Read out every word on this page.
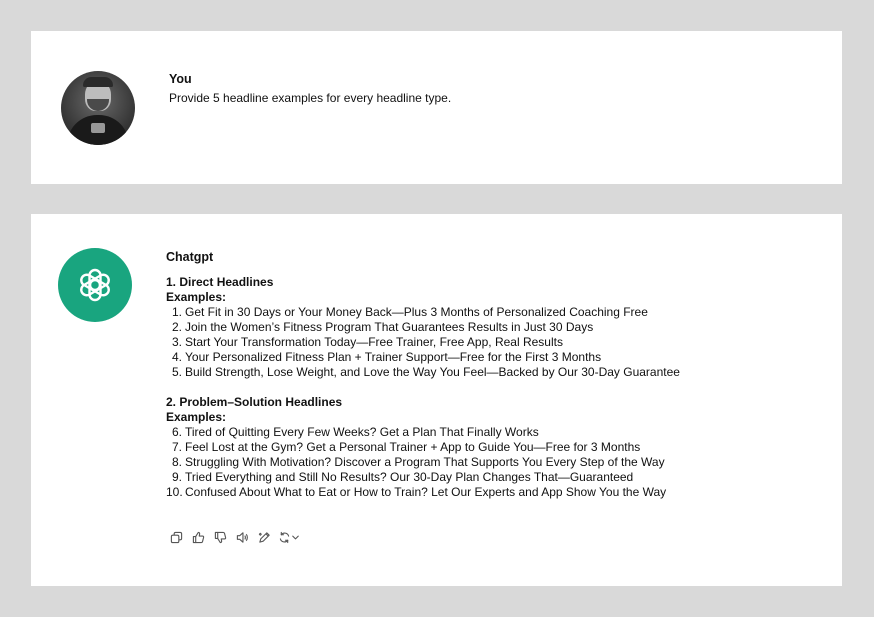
You
Provide 5 headline examples for every headline type.
Chatgpt
1. Direct Headlines
Examples:
1. Get Fit in 30 Days or Your Money Back—Plus 3 Months of Personalized Coaching Free
2. Join the Women’s Fitness Program That Guarantees Results in Just 30 Days
3. Start Your Transformation Today—Free Trainer, Free App, Real Results
4. Your Personalized Fitness Plan + Trainer Support—Free for the First 3 Months
5. Build Strength, Lose Weight, and Love the Way You Feel—Backed by Our 30-Day Guarantee
2. Problem–Solution Headlines
Examples:
6. Tired of Quitting Every Few Weeks? Get a Plan That Finally Works
7. Feel Lost at the Gym? Get a Personal Trainer + App to Guide You—Free for 3 Months
8. Struggling With Motivation? Discover a Program That Supports You Every Step of the Way
9. Tried Everything and Still No Results? Our 30-Day Plan Changes That—Guaranteed
10. Confused About What to Eat or How to Train? Let Our Experts and App Show You the Way
